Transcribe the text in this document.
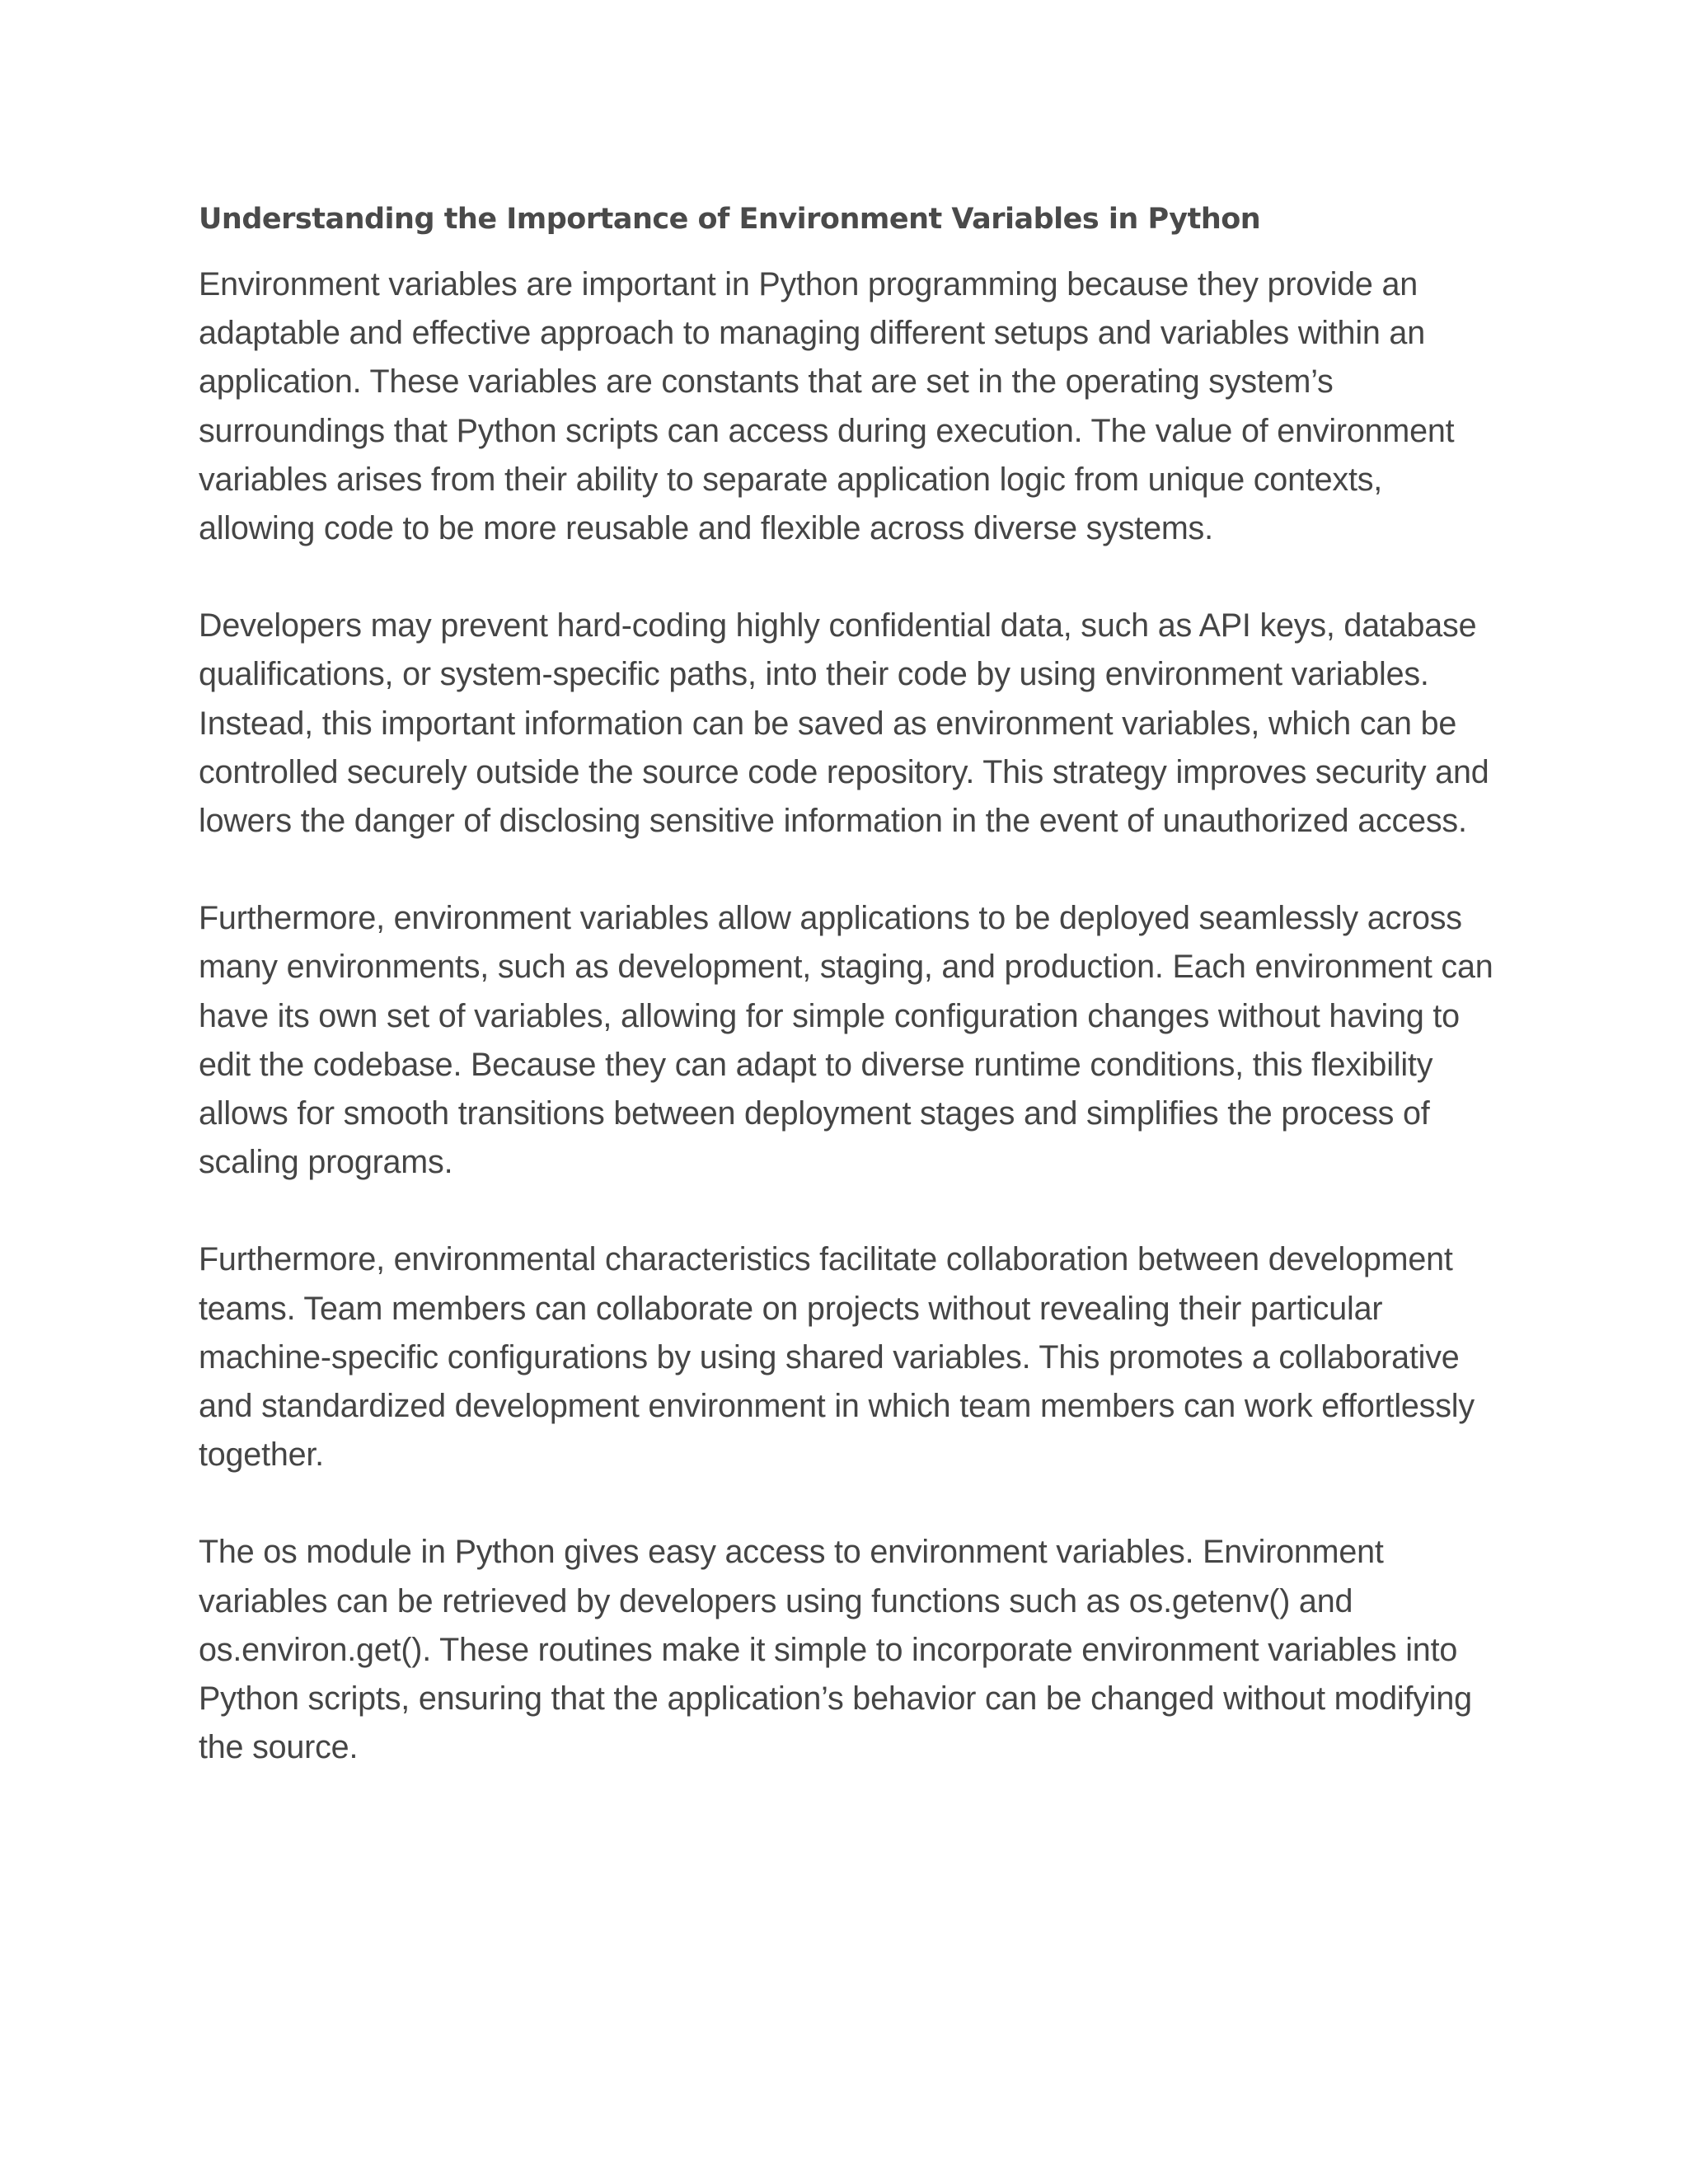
Understanding the Importance of Environment Variables in Python

Environment variables are important in Python programming because they provide an adaptable and effective approach to managing different setups and variables within an application. These variables are constants that are set in the operating system’s surroundings that Python scripts can access during execution. The value of environment variables arises from their ability to separate application logic from unique contexts, allowing code to be more reusable and flexible across diverse systems.

Developers may prevent hard-coding highly confidential data, such as API keys, database qualifications, or system-specific paths, into their code by using environment variables. Instead, this important information can be saved as environment variables, which can be controlled securely outside the source code repository. This strategy improves security and lowers the danger of disclosing sensitive information in the event of unauthorized access.

Furthermore, environment variables allow applications to be deployed seamlessly across many environments, such as development, staging, and production. Each environment can have its own set of variables, allowing for simple configuration changes without having to edit the codebase. Because they can adapt to diverse runtime conditions, this flexibility allows for smooth transitions between deployment stages and simplifies the process of scaling programs.

Furthermore, environmental characteristics facilitate collaboration between development teams. Team members can collaborate on projects without revealing their particular machine-specific configurations by using shared variables. This promotes a collaborative and standardized development environment in which team members can work effortlessly together.

The os module in Python gives easy access to environment variables. Environment variables can be retrieved by developers using functions such as os.getenv() and os.environ.get(). These routines make it simple to incorporate environment variables into Python scripts, ensuring that the application’s behavior can be changed without modifying the source.
